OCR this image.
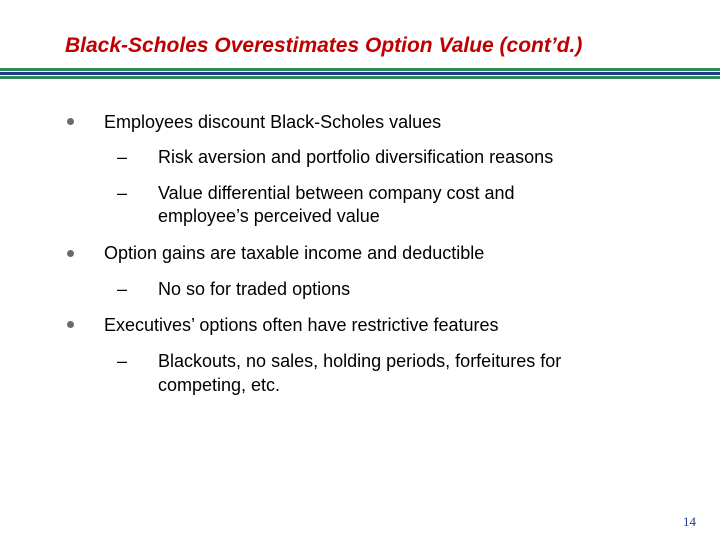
Black-Scholes Overestimates Option Value (cont’d.)
Employees discount Black-Scholes values
– Risk aversion and portfolio diversification reasons
– Value differential between company cost and
employee’s perceived value
Option gains are taxable income and deductible
– No so for traded options
Executives’ options often have restrictive features
– Blackouts, no sales, holding periods, forfeitures for
competing, etc.
14
